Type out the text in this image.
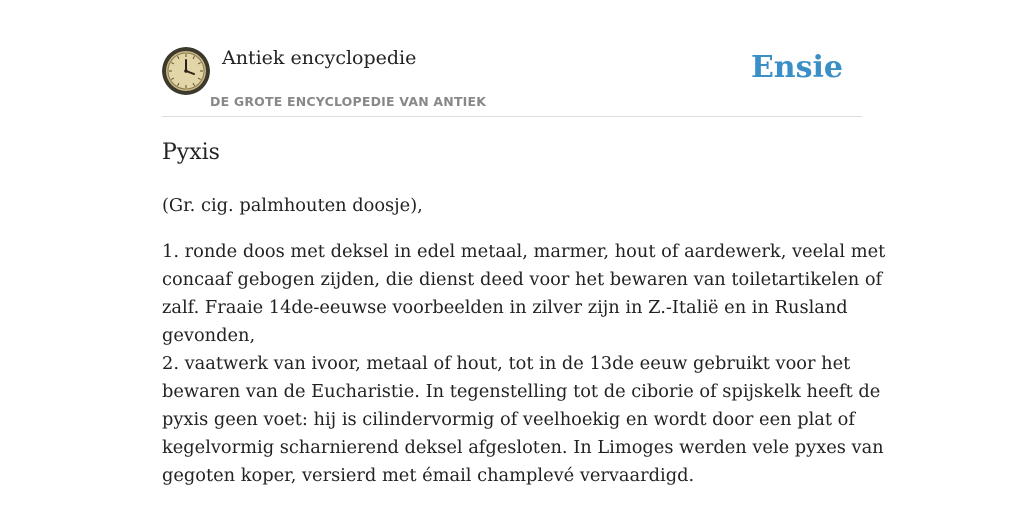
Antiek encyclopedie
DE GROTE ENCYCLOPEDIE VAN ANTIEK
Ensie
Pyxis

(Gr. cig. palmhouten doosje),

1. ronde doos met deksel in edel metaal, marmer, hout of aardewerk, veelal met
concaaf gebogen zijden, die dienst deed voor het bewaren van toiletartikelen of
zalf. Fraaie 14de-eeuwse voorbeelden in zilver zijn in Z.-Italië en in Rusland
gevonden,
2. vaatwerk van ivoor, metaal of hout, tot in de 13de eeuw gebruikt voor het
bewaren van de Eucharistie. In tegenstelling tot de ciborie of spijskelk heeft de
pyxis geen voet: hij is cilindervormig of veelhoekig en wordt door een plat of
kegelvormig scharnierend deksel afgesloten. In Limoges werden vele pyxes van
gegoten koper, versierd met émail champlevé vervaardigd.
